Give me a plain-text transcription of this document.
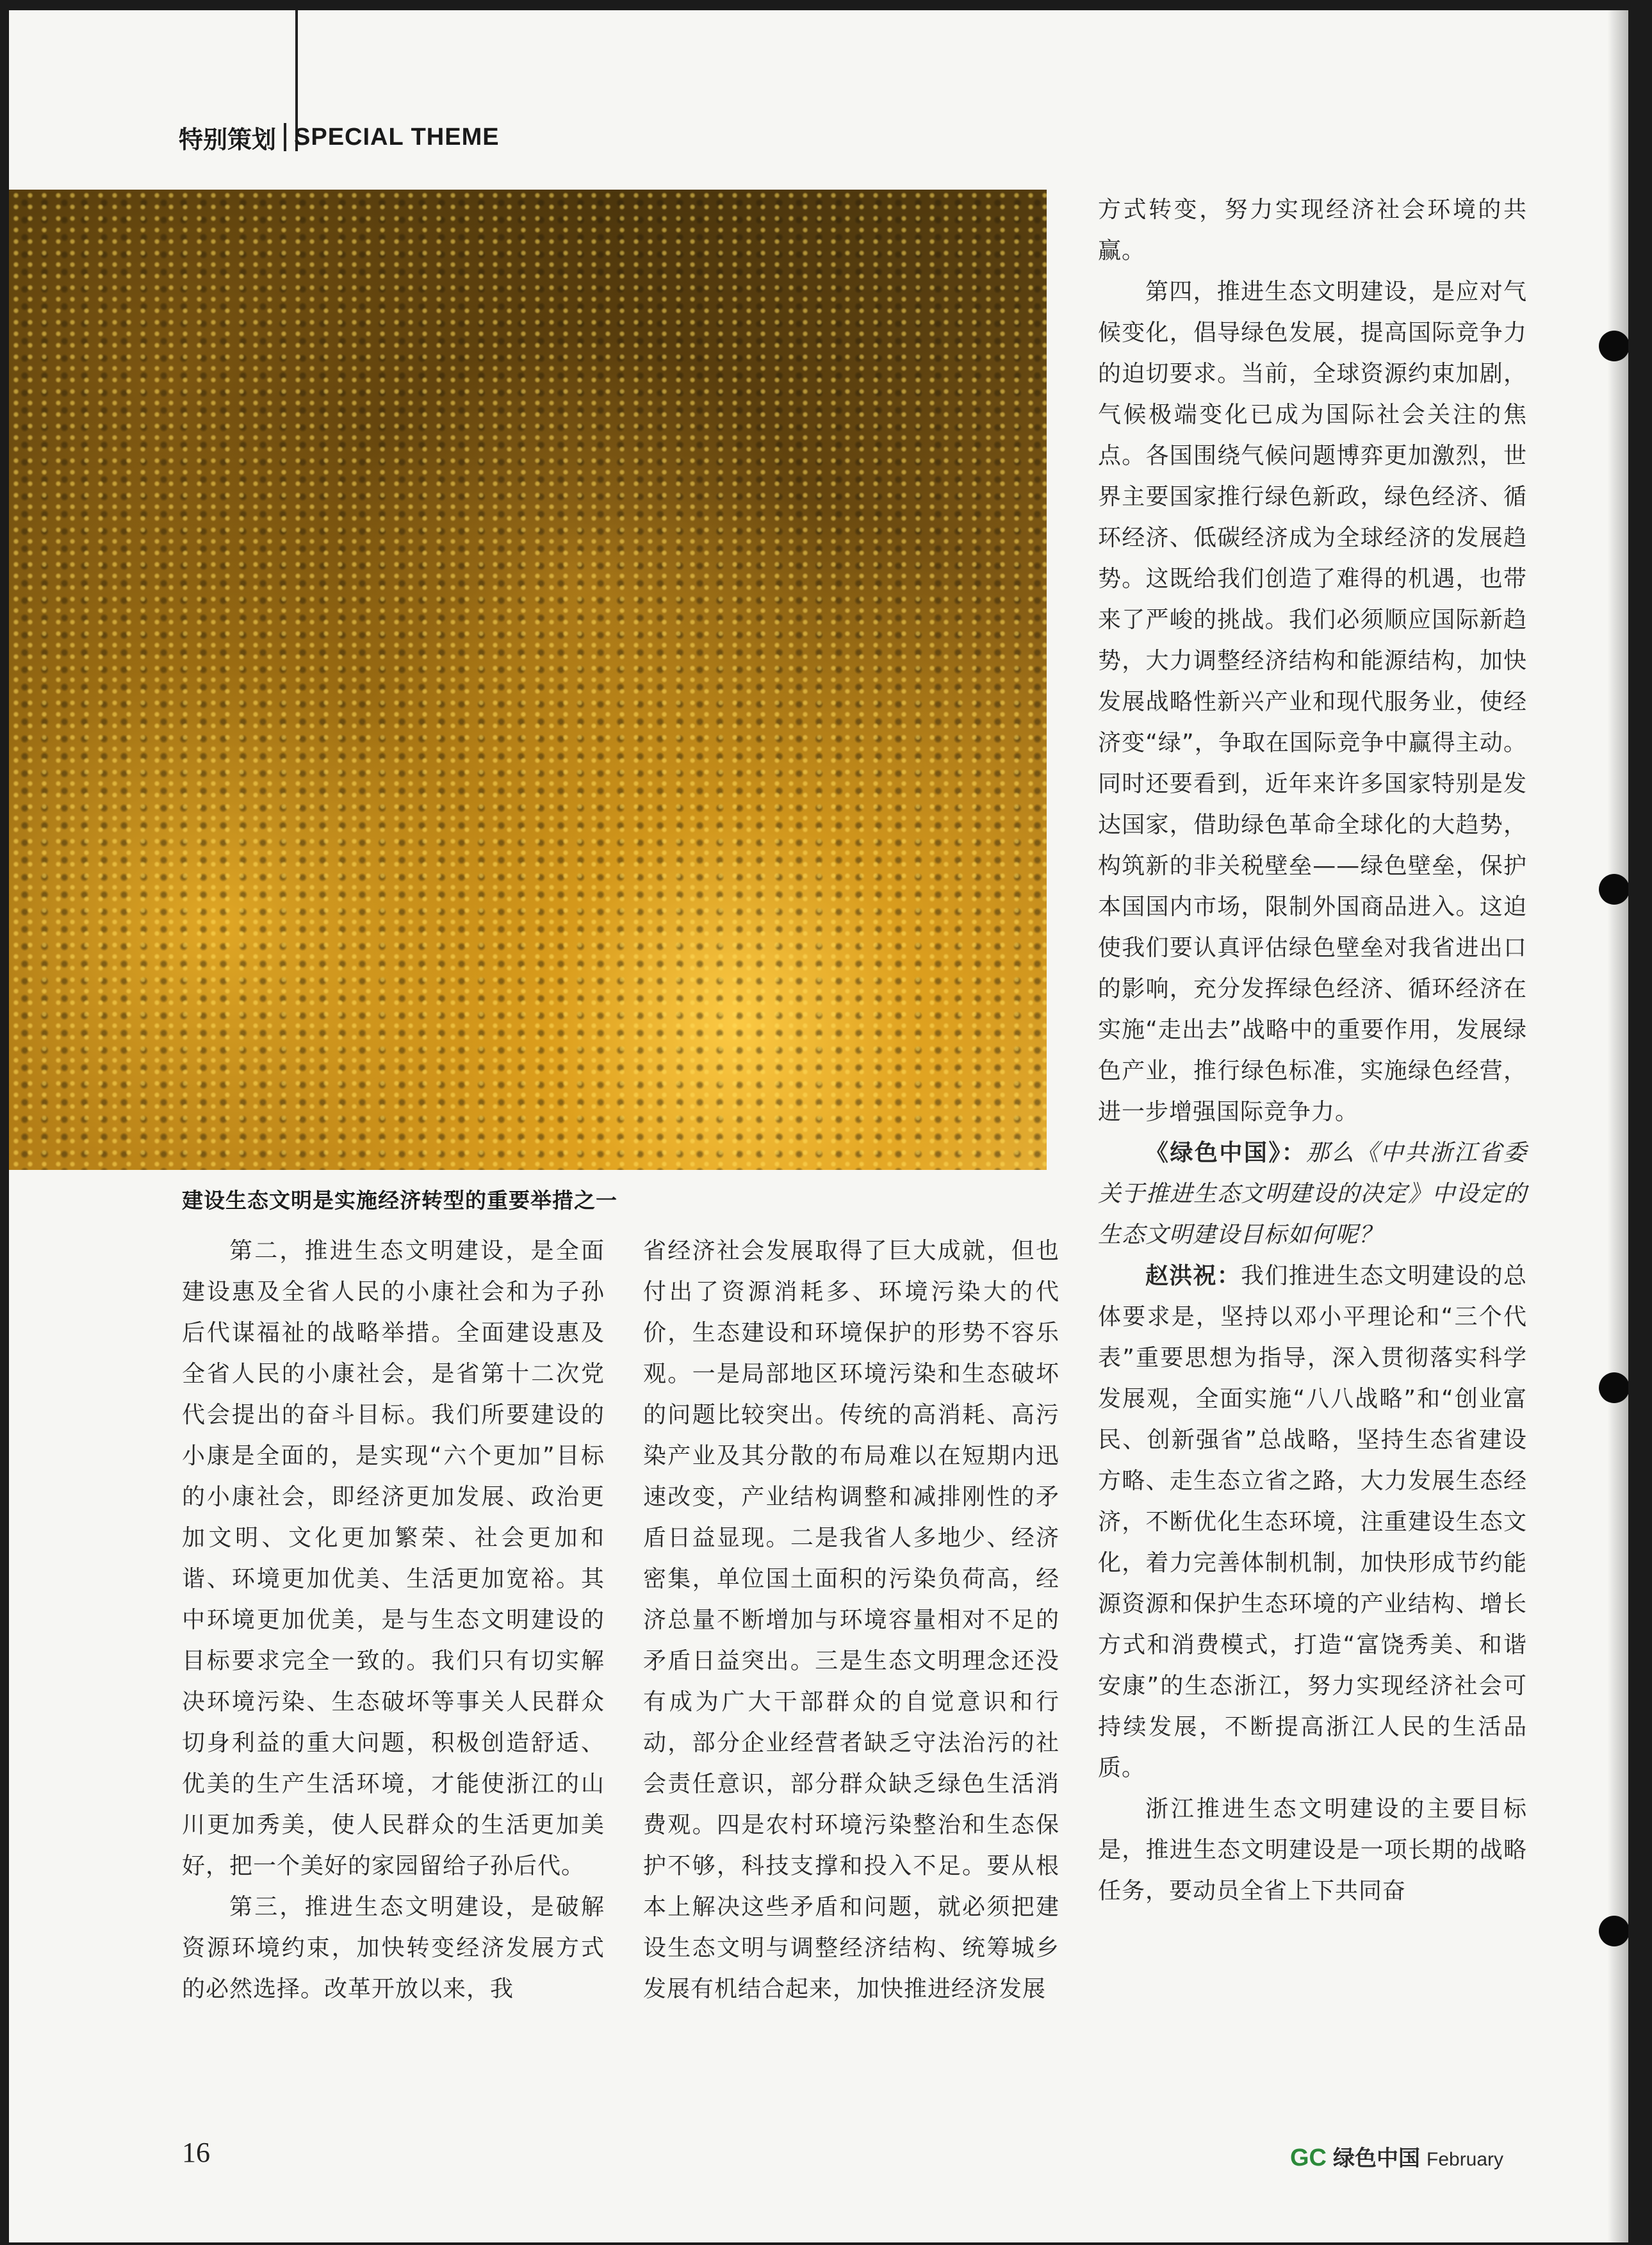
特别策划 SPECIAL THEME
建设生态文明是实施经济转型的重要举措之一

方式转变，努力实现经济社会环境的共赢。

第四，推进生态文明建设，是应对气候变化，倡导绿色发展，提高国际竞争力的迫切要求。当前，全球资源约束加剧，气候极端变化已成为国际社会关注的焦点。各国围绕气候问题博弈更加激烈，世界主要国家推行绿色新政，绿色经济、循环经济、低碳经济成为全球经济的发展趋势。这既给我们创造了难得的机遇，也带来了严峻的挑战。我们必须顺应国际新趋势，大力调整经济结构和能源结构，加快发展战略性新兴产业和现代服务业，使经济变“绿”，争取在国际竞争中赢得主动。同时还要看到，近年来许多国家特别是发达国家，借助绿色革命全球化的大趋势，构筑新的非关税壁垒——绿色壁垒，保护本国国内市场，限制外国商品进入。这迫使我们要认真评估绿色壁垒对我省进出口的影响，充分发挥绿色经济、循环经济在实施“走出去”战略中的重要作用，发展绿色产业，推行绿色标准，实施绿色经营，进一步增强国际竞争力。

《绿色中国》：那么《中共浙江省委关于推进生态文明建设的决定》中设定的生态文明建设目标如何呢？

赵洪祝：我们推进生态文明建设的总体要求是，坚持以邓小平理论和“三个代表”重要思想为指导，深入贯彻落实科学发展观，全面实施“八八战略”和“创业富民、创新强省”总战略，坚持生态省建设方略、走生态立省之路，大力发展生态经济，不断优化生态环境，注重建设生态文化，着力完善体制机制，加快形成节约能源资源和保护生态环境的产业结构、增长方式和消费模式，打造“富饶秀美、和谐安康”的生态浙江，努力实现经济社会可持续发展，不断提高浙江人民的生活品质。

浙江推进生态文明建设的主要目标是，推进生态文明建设是一项长期的战略任务，要动员全省上下共同奋

第二，推进生态文明建设，是全面建设惠及全省人民的小康社会和为子孙后代谋福祉的战略举措。全面建设惠及全省人民的小康社会，是省第十二次党代会提出的奋斗目标。我们所要建设的小康是全面的，是实现“六个更加”目标的小康社会，即经济更加发展、政治更加文明、文化更加繁荣、社会更加和谐、环境更加优美、生活更加宽裕。其中环境更加优美，是与生态文明建设的目标要求完全一致的。我们只有切实解决环境污染、生态破坏等事关人民群众切身利益的重大问题，积极创造舒适、优美的生产生活环境，才能使浙江的山川更加秀美，使人民群众的生活更加美好，把一个美好的家园留给子孙后代。

第三，推进生态文明建设，是破解资源环境约束，加快转变经济发展方式的必然选择。改革开放以来，我

省经济社会发展取得了巨大成就，但也付出了资源消耗多、环境污染大的代价，生态建设和环境保护的形势不容乐观。一是局部地区环境污染和生态破坏的问题比较突出。传统的高消耗、高污染产业及其分散的布局难以在短期内迅速改变，产业结构调整和减排刚性的矛盾日益显现。二是我省人多地少、经济密集，单位国土面积的污染负荷高，经济总量不断增加与环境容量相对不足的矛盾日益突出。三是生态文明理念还没有成为广大干部群众的自觉意识和行动，部分企业经营者缺乏守法治污的社会责任意识，部分群众缺乏绿色生活消费观。四是农村环境污染整治和生态保护不够，科技支撑和投入不足。要从根本上解决这些矛盾和问题，就必须把建设生态文明与调整经济结构、统筹城乡发展有机结合起来，加快推进经济发展

16	GC 绿色中国 February
